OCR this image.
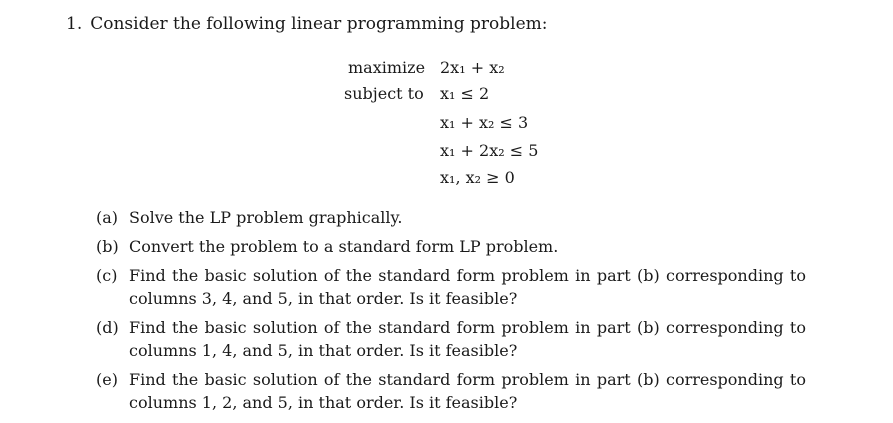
1. Consider the following linear programming problem:
maximize
subject to
2x₁ + x₂
x₁ ≤ 2
x₁ + x₂ ≤ 3
x₁ + 2x₂ ≤ 5
x₁, x₂ ≥ 0
(a) Solve the LP problem graphically.
(b) Convert the problem to a standard form LP problem.
(c) Find the basic solution of the standard form problem in part (b) corresponding to columns 3, 4, and 5, in that order. Is it feasible?
(d) Find the basic solution of the standard form problem in part (b) corresponding to columns 1, 4, and 5, in that order. Is it feasible?
(e) Find the basic solution of the standard form problem in part (b) corresponding to columns 1, 2, and 5, in that order. Is it feasible?
